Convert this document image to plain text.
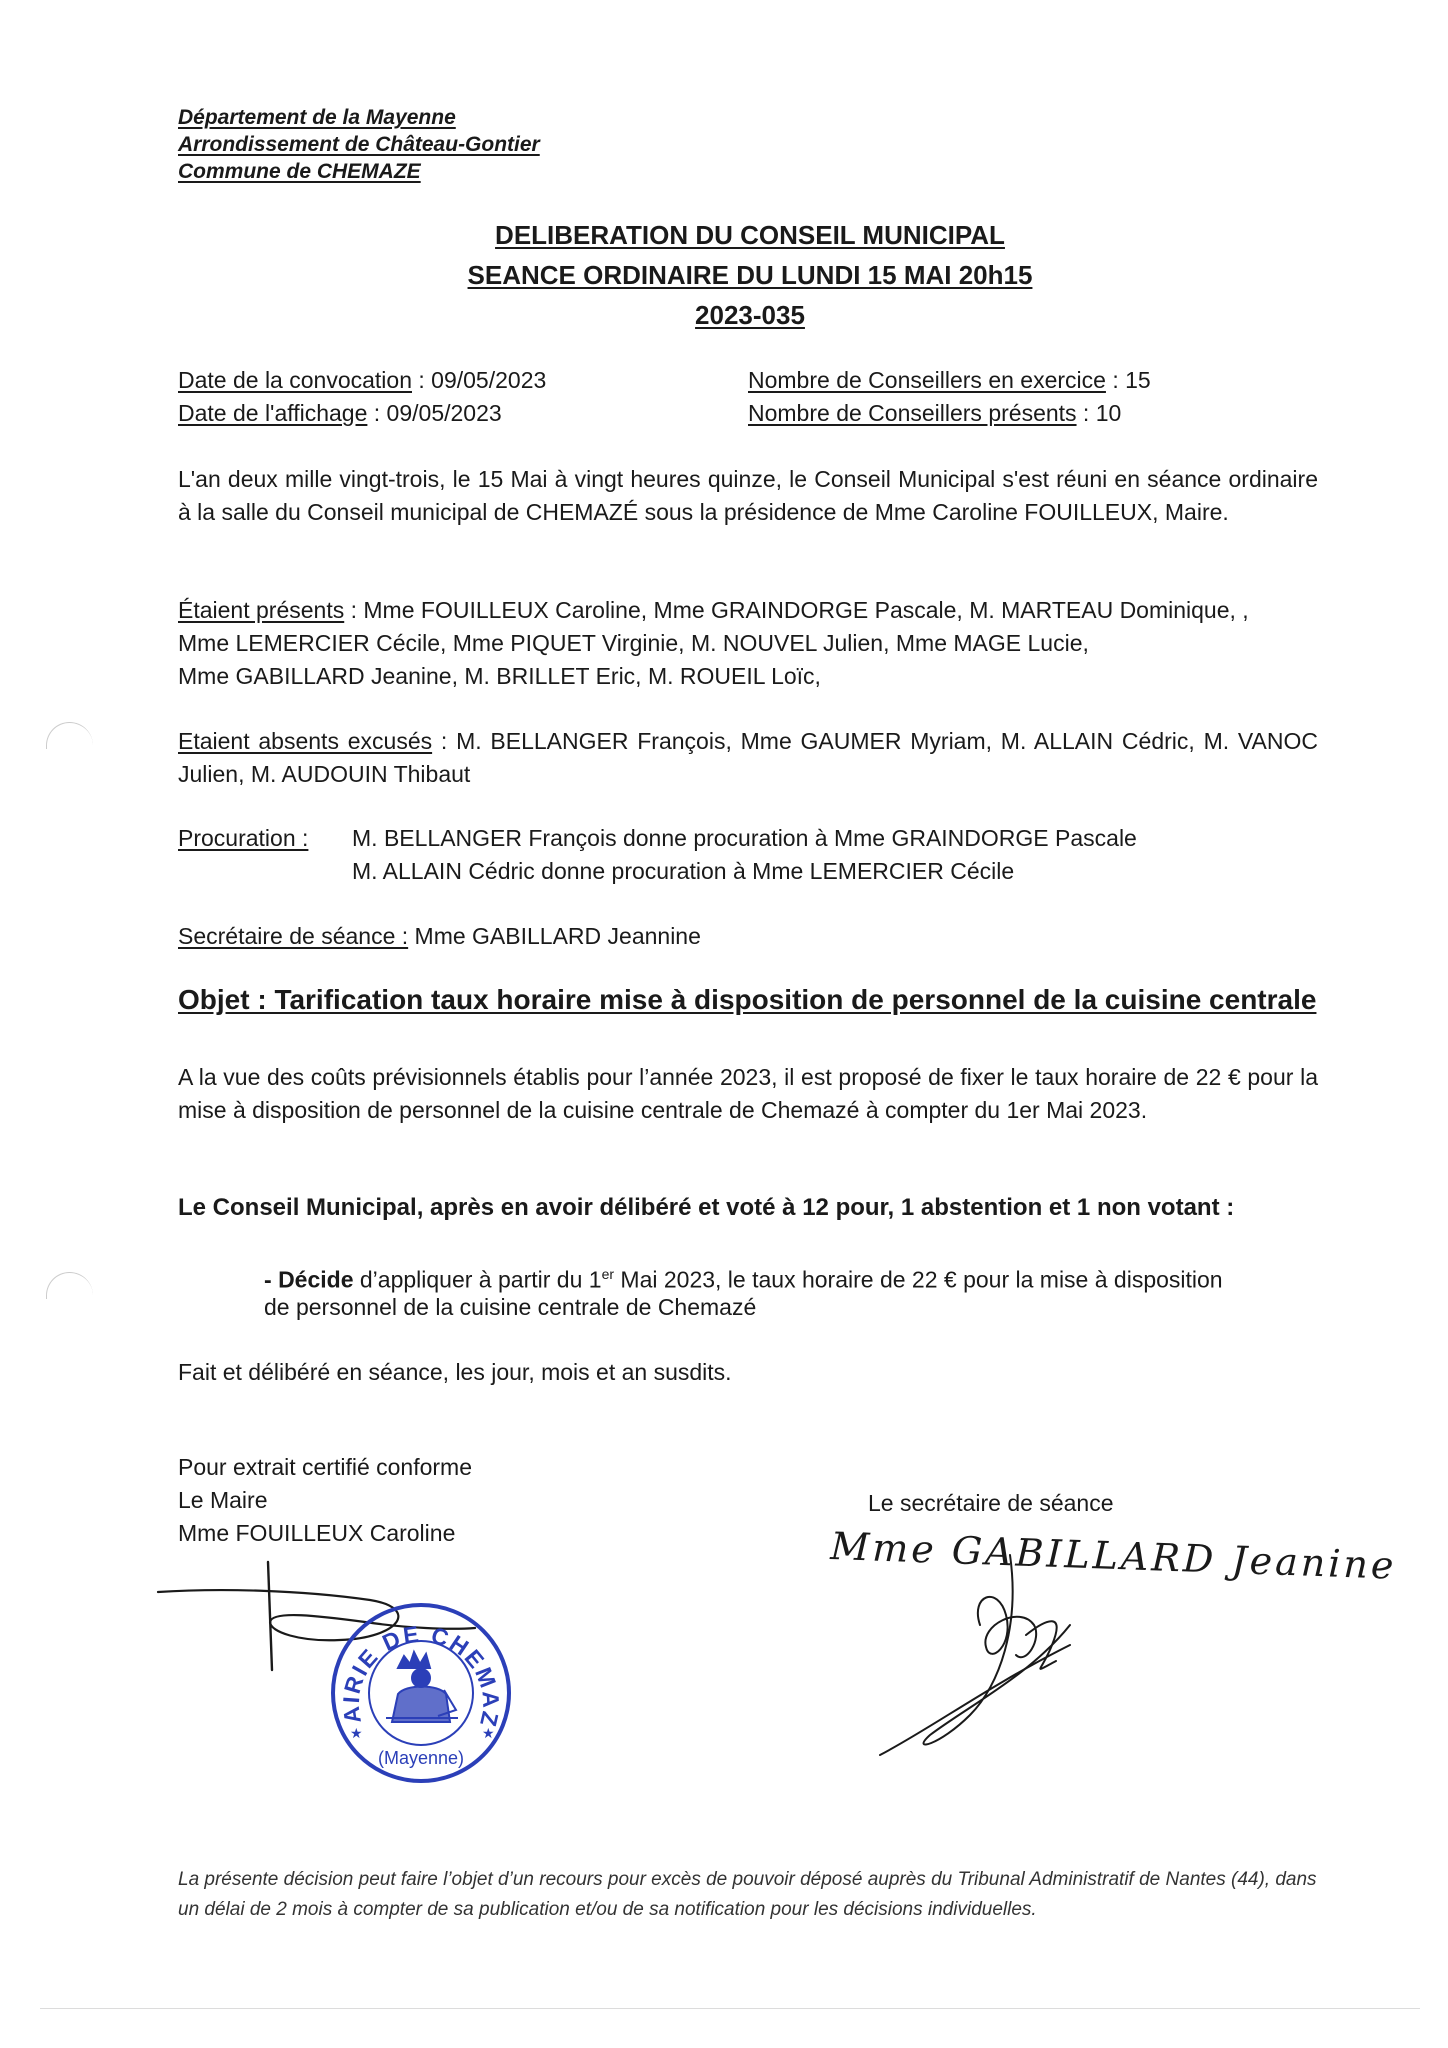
Département de la Mayenne
Arrondissement de Château-Gontier
Commune de CHEMAZE
DELIBERATION DU CONSEIL MUNICIPAL
SEANCE ORDINAIRE DU LUNDI 15 MAI 20h15
2023-035
Date de la convocation : 09/05/2023
Date de l'affichage : 09/05/2023
Nombre de Conseillers en exercice : 15
Nombre de Conseillers présents : 10
L'an deux mille vingt-trois, le 15 Mai à vingt heures quinze, le Conseil Municipal s'est réuni en séance ordinaire à la salle du Conseil municipal de CHEMAZÉ sous la présidence de Mme Caroline FOUILLEUX, Maire.
Étaient présents : Mme FOUILLEUX Caroline, Mme GRAINDORGE Pascale, M. MARTEAU Dominique, ,
Mme LEMERCIER Cécile, Mme PIQUET Virginie, M. NOUVEL Julien, Mme MAGE Lucie,
Mme GABILLARD Jeanine, M. BRILLET Eric, M. ROUEIL Loïc,
Etaient absents excusés : M. BELLANGER François, Mme GAUMER Myriam, M. ALLAIN Cédric, M. VANOC Julien, M. AUDOUIN Thibaut
Procuration : M. BELLANGER François donne procuration à Mme GRAINDORGE Pascale
M. ALLAIN Cédric donne procuration à Mme LEMERCIER Cécile
Secrétaire de séance : Mme GABILLARD Jeannine
Objet : Tarification taux horaire mise à disposition de personnel de la cuisine centrale
A la vue des coûts prévisionnels établis pour l’année 2023, il est proposé de fixer le taux horaire de 22 € pour la mise à disposition de personnel de la cuisine centrale de Chemazé à compter du 1er Mai 2023.
Le Conseil Municipal, après en avoir délibéré et voté à 12 pour, 1 abstention et 1 non votant :
- Décide d’appliquer à partir du 1er Mai 2023, le taux horaire de 22 € pour la mise à disposition
de personnel de la cuisine centrale de Chemazé
Fait et délibéré en séance, les jour, mois et an susdits.
Pour extrait certifié conforme
Le Maire
Mme FOUILLEUX Caroline
Le secrétaire de séance
MAIRIE DE CHEMAZE
(Mayenne)
★	★
Mme GABILLARD Jeanine
La présente décision peut faire l’objet d’un recours pour excès de pouvoir déposé auprès du Tribunal Administratif de Nantes (44), dans un délai de 2 mois à compter de sa publication et/ou de sa notification pour les décisions individuelles.
